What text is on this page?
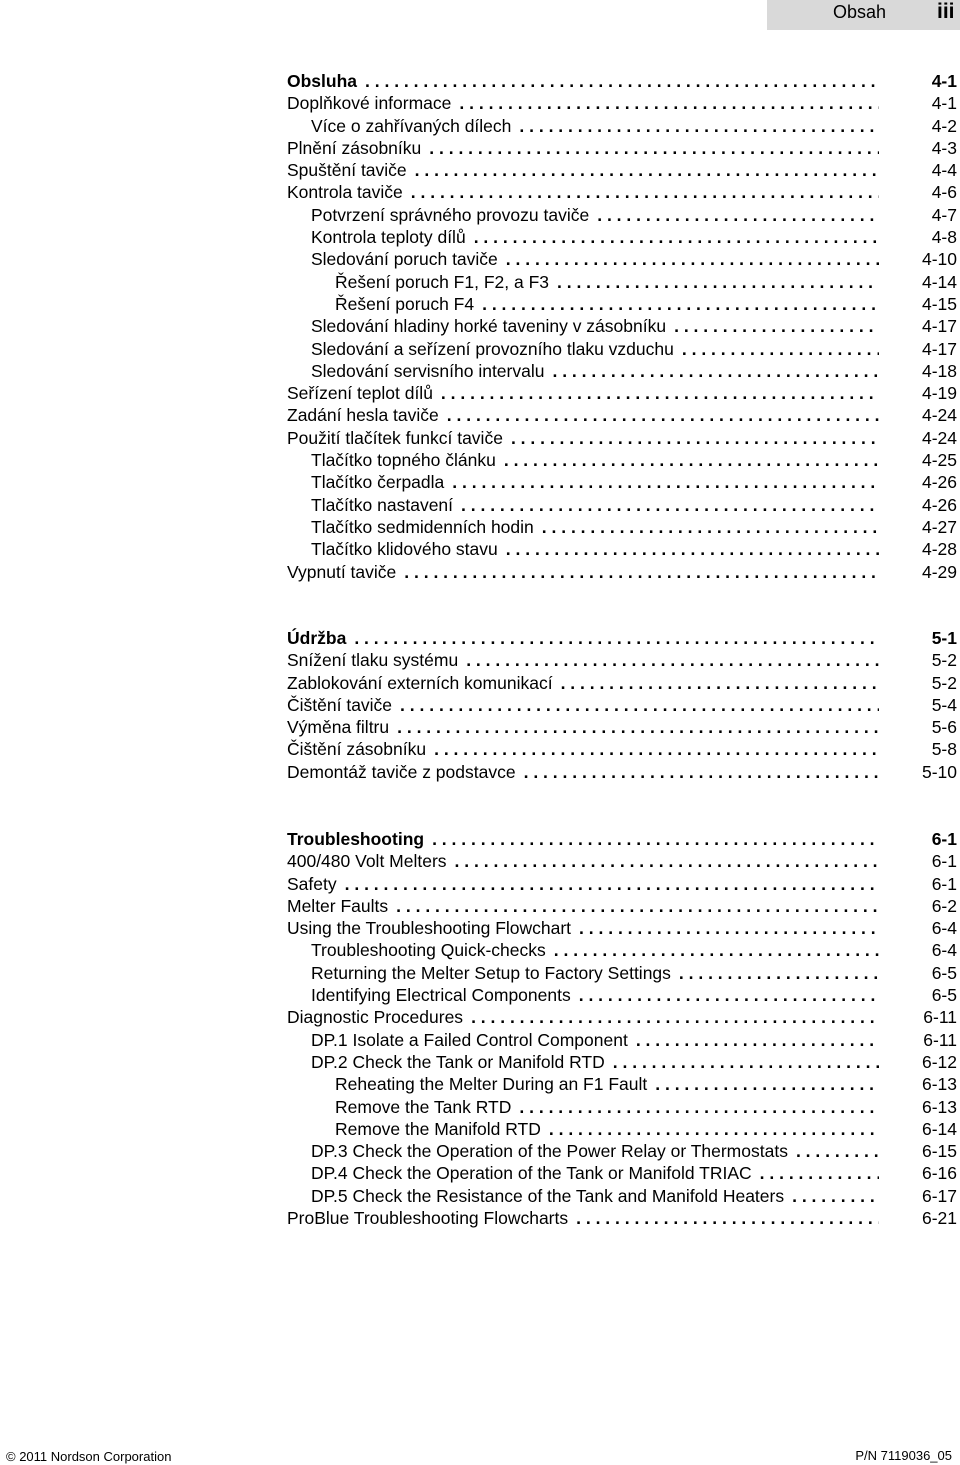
Obsah iii
Obsluha . . .	4-1
Doplňkové informace . . .	4-1
Více o zahřívaných dílech . . .	4-2
Plnění zásobníku . . .	4-3
Spuštění taviče . . .	4-4
Kontrola taviče . . .	4-6
Potvrzení správného provozu taviče . . .	4-7
Kontrola teploty dílů . . .	4-8
Sledování poruch taviče . . .	4-10
Řešení poruch F1, F2, a F3 . . .	4-14
Řešení poruch F4 . . .	4-15
Sledování hladiny horké taveniny v zásobníku . . .	4-17
Sledování a seřízení provozního tlaku vzduchu . . .	4-17
Sledování servisního intervalu . . .	4-18
Seřízení teplot dílů . . .	4-19
Zadání hesla taviče . . .	4-24
Použití tlačítek funkcí taviče . . .	4-24
Tlačítko topného článku . . .	4-25
Tlačítko čerpadla . . .	4-26
Tlačítko nastavení . . .	4-26
Tlačítko sedmidenních hodin . . .	4-27
Tlačítko klidového stavu . . .	4-28
Vypnutí taviče . . .	4-29
Údržba . . .	5-1
Snížení tlaku systému . . .	5-2
Zablokování externích komunikací . . .	5-2
Čištění taviče . . .	5-4
Výměna filtru . . .	5-6
Čištění zásobníku . . .	5-8
Demontáž taviče z podstavce . . .	5-10
Troubleshooting . . .	6-1
400/480 Volt Melters . . .	6-1
Safety . . .	6-1
Melter Faults . . .	6-2
Using the Troubleshooting Flowchart . . .	6-4
Troubleshooting Quick-checks . . .	6-4
Returning the Melter Setup to Factory Settings . . .	6-5
Identifying Electrical Components . . .	6-5
Diagnostic Procedures . . .	6-11
DP.1 Isolate a Failed Control Component . . .	6-11
DP.2 Check the Tank or Manifold RTD . . .	6-12
Reheating the Melter During an F1 Fault . . .	6-13
Remove the Tank RTD . . .	6-13
Remove the Manifold RTD . . .	6-14
DP.3 Check the Operation of the Power Relay or Thermostats . . .	6-15
DP.4 Check the Operation of the Tank or Manifold TRIAC . . .	6-16
DP.5 Check the Resistance of the Tank and Manifold Heaters . . .	6-17
ProBlue Troubleshooting Flowcharts . . .	6-21
© 2011 Nordson Corporation	P/N 7119036_05
